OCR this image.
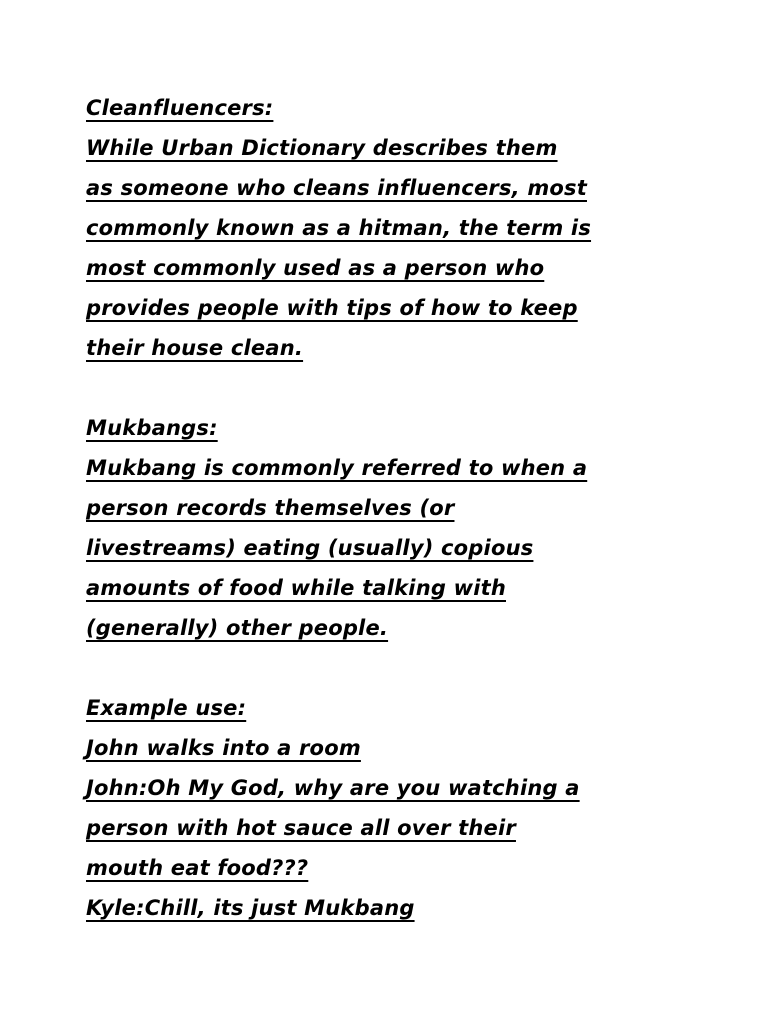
Cleanfluencers:
While Urban Dictionary describes them
as someone who cleans influencers, most
commonly known as a hitman, the term is
most commonly used as a person who
provides people with tips of how to keep
their house clean.
Mukbangs:
Mukbang is commonly referred to when a
person records themselves (or
livestreams) eating (usually) copious
amounts of food while talking with
(generally) other people.
Example use:
John walks into a room
John:Oh My God, why are you watching a
person with hot sauce all over their
mouth eat food???
Kyle:Chill, its just Mukbang
